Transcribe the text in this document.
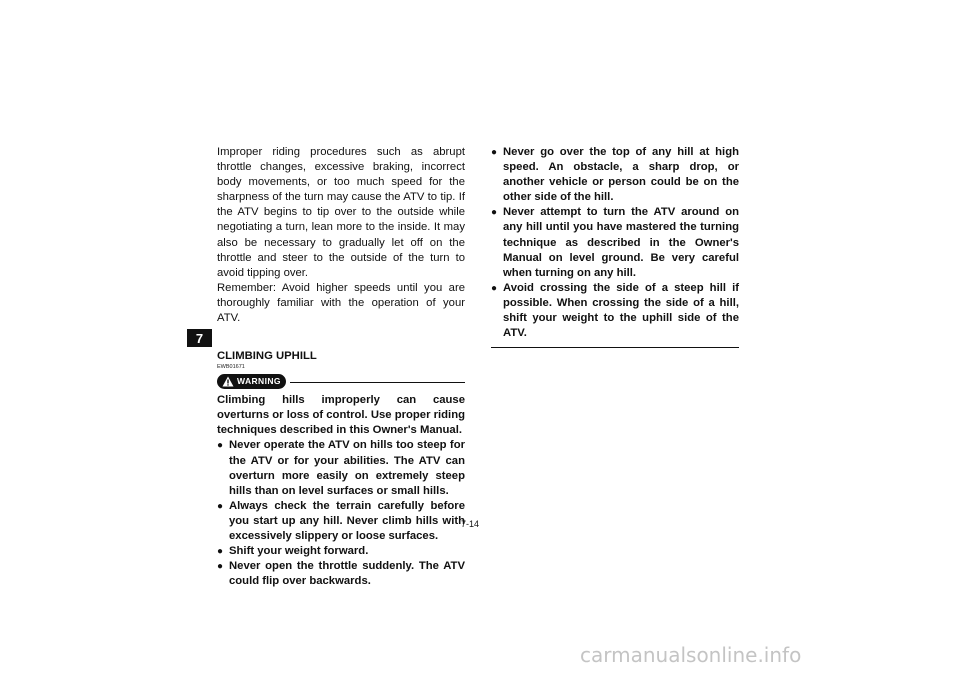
7

Improper riding procedures such as abrupt throttle changes, excessive braking, incorrect body movements, or too much speed for the sharpness of the turn may cause the ATV to tip. If the ATV begins to tip over to the outside while negotiating a turn, lean more to the inside. It may also be necessary to gradually let off on the throttle and steer to the outside of the turn to avoid tipping over.

Remember: Avoid higher speeds until you are thoroughly familiar with the operation of your ATV.

CLIMBING UPHILL
EWB01671
WARNING

Climbing hills improperly can cause overturns or loss of control. Use proper riding techniques described in this Owner's Manual.

● Never operate the ATV on hills too steep for the ATV or for your abilities. The ATV can overturn more easily on extremely steep hills than on level surfaces or small hills.
● Always check the terrain carefully before you start up any hill. Never climb hills with excessively slippery or loose surfaces.
● Shift your weight forward.
● Never open the throttle suddenly. The ATV could flip over backwards.
● Never go over the top of any hill at high speed. An obstacle, a sharp drop, or another vehicle or person could be on the other side of the hill.
● Never attempt to turn the ATV around on any hill until you have mastered the turning technique as described in the Owner's Manual on level ground. Be very careful when turning on any hill.
● Avoid crossing the side of a steep hill if possible. When crossing the side of a hill, shift your weight to the uphill side of the ATV.
7-14
carmanualsonline.info
